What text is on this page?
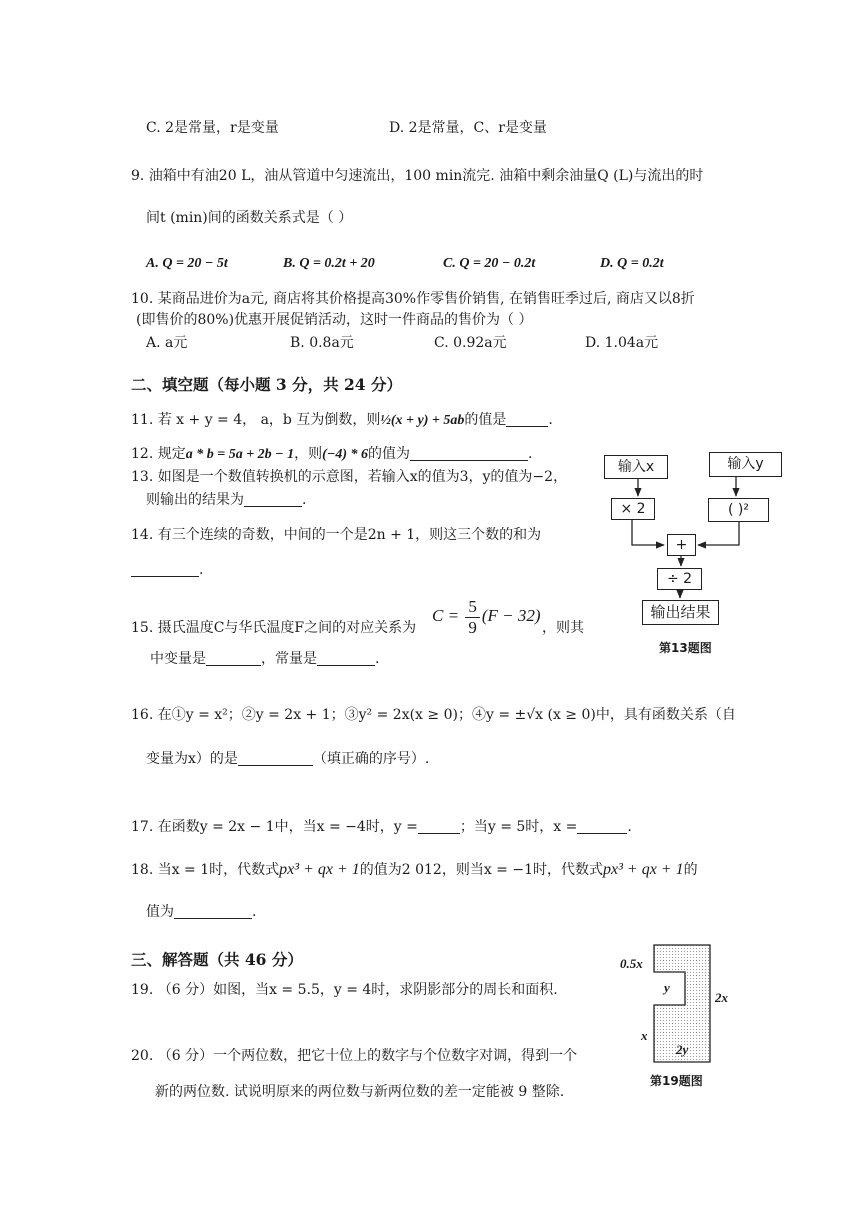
C. 2是常量，r是变量	D. 2是常量，C、r是变量
9. 油箱中有油20 L，油从管道中匀速流出，100 min流完. 油箱中剩余油量Q (L)与流出的时
间t (min)间的函数关系式是（ ）
A. Q = 20 − 5t	B. Q = 0.2t + 20	C. Q = 20 − 0.2t	D. Q = 0.2t
10. 某商品进价为a元, 商店将其价格提高30%作零售价销售, 在销售旺季过后, 商店又以8折
(即售价的80%)优惠开展促销活动，这时一件商品的售价为（ ）
A. a元	B. 0.8a元	C. 0.92a元	D. 1.04a元
二、填空题（每小题 3 分，共 24 分）
11. 若 x + y = 4， a，b 互为倒数，则½(x + y) + 5ab的值是	.
12. 规定a * b = 5a + 2b − 1，则(−4) * 6的值为	.
13. 如图是一个数值转换机的示意图，若输入x的值为3，y的值为−2，
则输出的结果为	.
14. 有三个连续的奇数，中间的一个是2n + 1，则这三个数的和为
.
15. 摄氏温度C与华氏温度F之间的对应关系为
$C = \frac{5}{9} (F - 32)$
，则其
中变量是	，常量是	.
16. 在①y = x²；②y = 2x + 1；③y² = 2x(x ≥ 0)；④y = ±√x (x ≥ 0)中，具有函数关系（自
变量为x）的是	（填正确的序号）.
17. 在函数y = 2x − 1中，当x = −4时，y =	；当y = 5时，x =	.
18. 当x = 1时，代数式px³ + qx + 1的值为2 012，则当x = −1时，代数式px³ + qx + 1的
值为	.
三、解答题（共 46 分）
19. （6 分）如图，当x = 5.5，y = 4时，求阴影部分的周长和面积.
20. （6 分）一个两位数，把它十位上的数字与个位数字对调，得到一个
新的两位数. 试说明原来的两位数与新两位数的差一定能被 9 整除.
输入x	输入y
× 2	( )²
+
÷ 2
输出结果
第13题图
0.5x
2x
y
x
2y
第19题图
